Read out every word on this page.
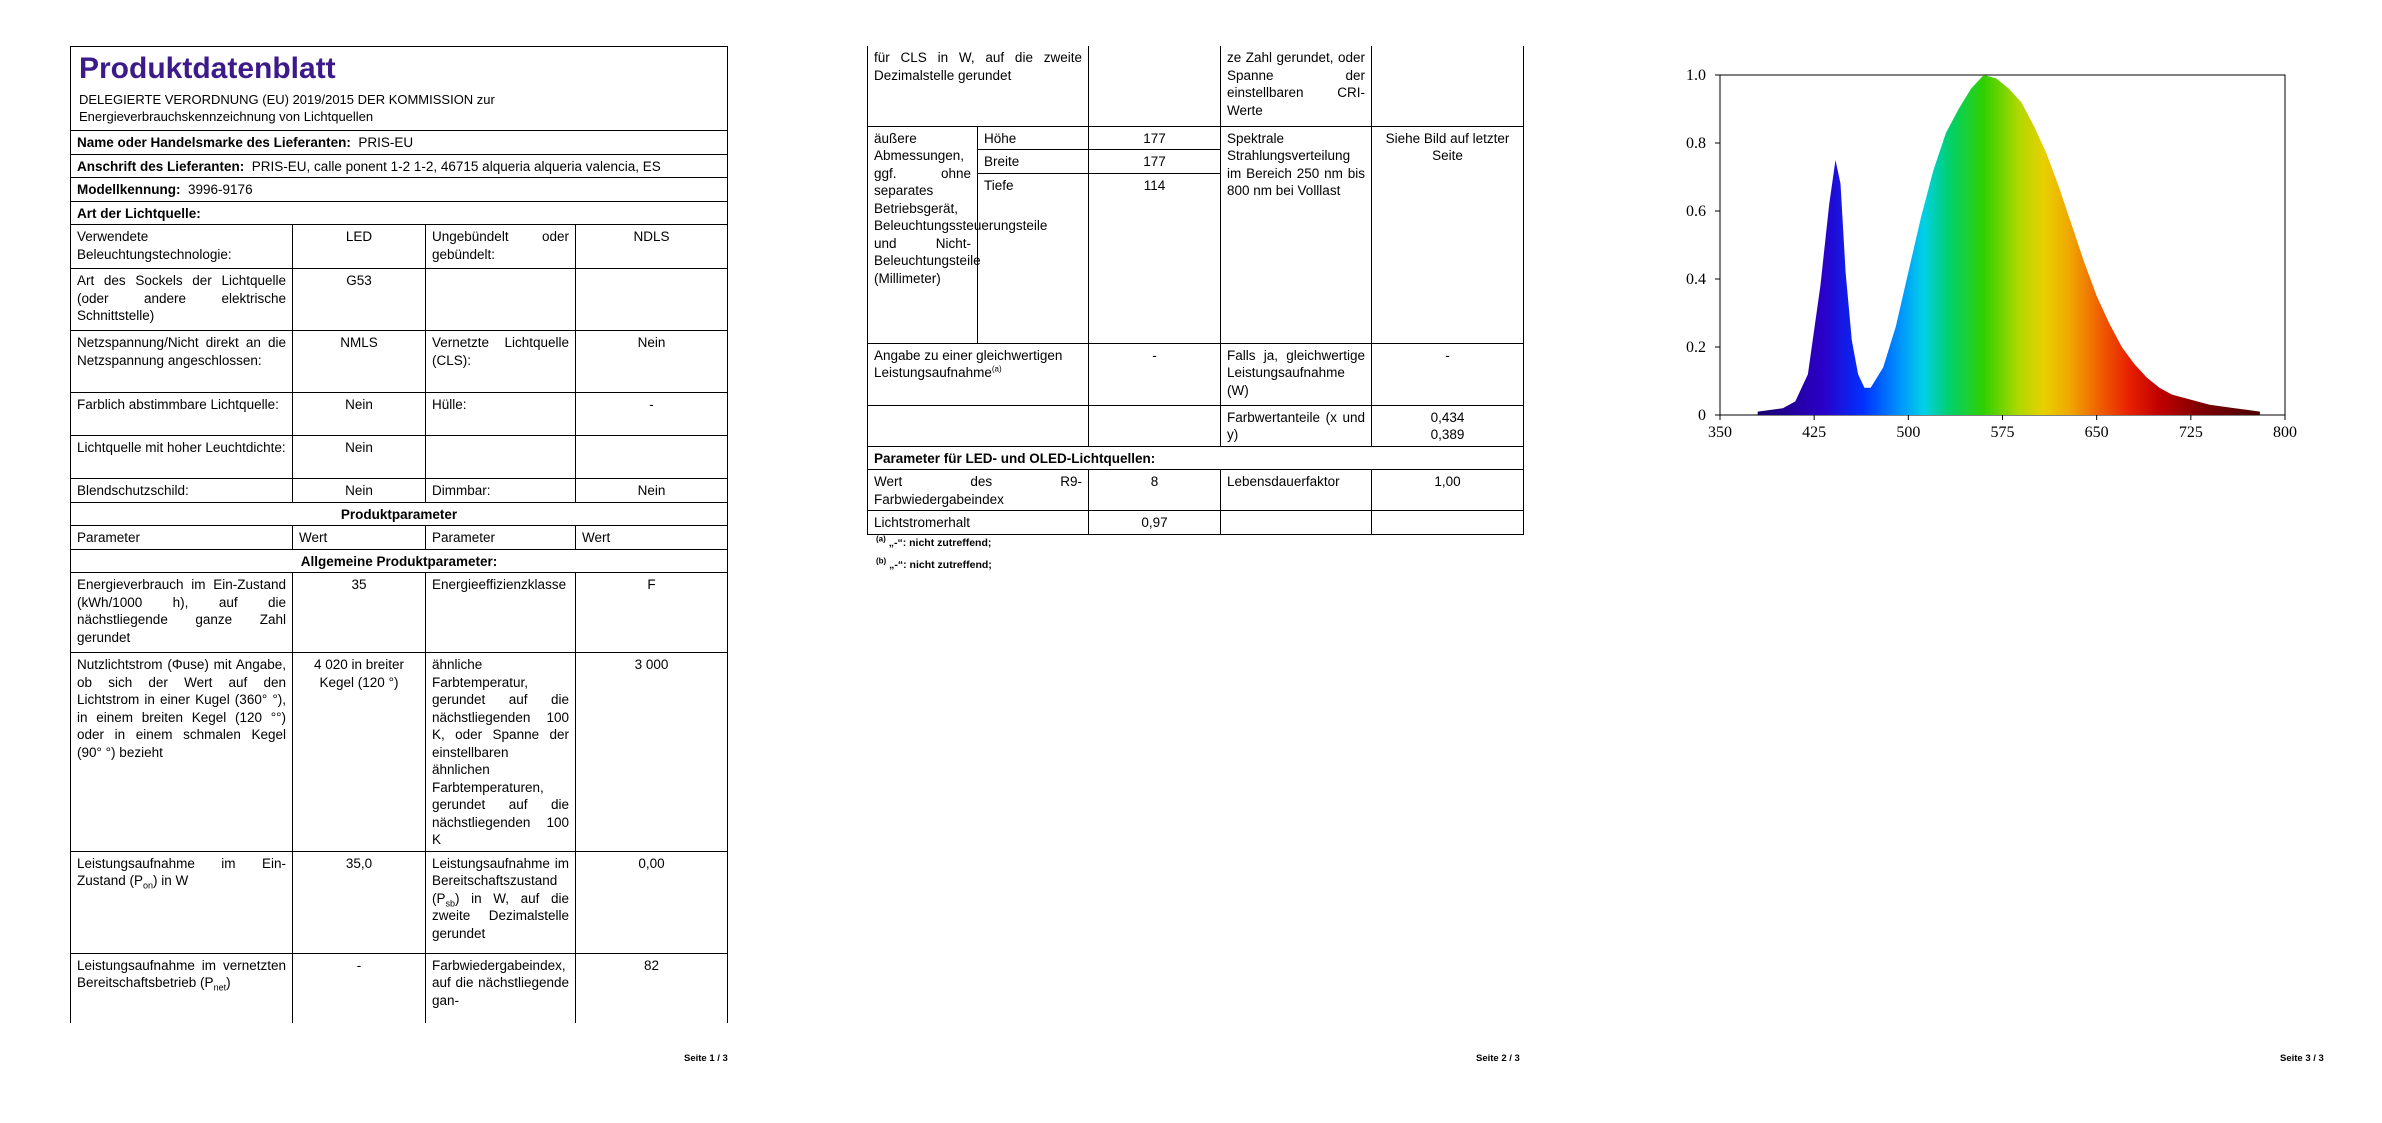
Produktdatenblatt
DELEGIERTE VERORDNUNG (EU) 2019/2015 DER KOMMISSION zur Energieverbrauchskennzeichnung von Lichtquellen			

Name oder Handelsmarke des Lieferanten: PRIS-EU			
Anschrift des Lieferanten: PRIS-EU, calle ponent 1-2 1-2, 46715 alqueria alqueria valencia, ES			
Modellkennung: 3996-9176			
Art der Lichtquelle:			
Verwendete Beleuchtungstechnologie:	LED	Ungebündelt oder gebündelt:	NDLS
Art des Sockels der Lichtquelle (oder andere elektrische Schnittstelle)	G53		
Netzspannung/Nicht direkt an die Netzspannung angeschlossen:	NMLS	Vernetzte Lichtquelle (CLS):	Nein
Farblich abstimmbare Lichtquelle:	Nein	Hülle:	-
Lichtquelle mit hoher Leuchtdichte:	Nein		
Blendschutzschild:	Nein	Dimmbar:	Nein
Produktparameter			
Parameter	Wert	Parameter	Wert
Allgemeine Produktparameter:			
Energieverbrauch im Ein-Zustand (kWh/1000 h), auf die nächstliegende ganze Zahl gerundet	35	Energieeffizienzklasse	F
Nutzlichtstrom (Φuse) mit Angabe, ob sich der Wert auf den Lichtstrom in einer Kugel (360° °), in einem breiten Kegel (120 °°) oder in einem schmalen Kegel (90° °) bezieht	4 020 in breiter Kegel (120 °)	ähnliche Farbtemperatur, gerundet auf die nächstliegenden 100 K, oder Spanne der einstellbaren ähnlichen Farbtemperaturen, gerundet auf die nächstliegenden 100 K	3 000
Leistungsaufnahme im Ein-Zustand $(P_{on})$ in W	35,0	Leistungsaufnahme im Bereitschaftszustand $(P_{sb})$ in W, auf die zweite Dezimalstelle gerundet	0,00
Leistungsaufnahme im vernetzten Bereitschaftsbetrieb $(P_{net})$	-	Farbwiedergabeindex, auf die nächstliegende gan-	82
Seite 1 / 3
für CLS in W, auf die zweite Dezimalstelle gerundet			ze Zahl gerundet, oder Spanne der einstellbaren CRI-Werte	
äußere Abmessungen, ggf. ohne separates Betriebsgerät, Beleuchtungssteuerungsteile und Nicht-Beleuchtungsteile (Millimeter)	Höhe	177	Spektrale Strahlungsverteilung im Bereich 250 nm bis 800 nm bei Volllast	Siehe Bild auf letzter Seite
	Breite	177		
	Tiefe	114		
Angabe zu einer gleichwertigen Leistungsaufnahme$^{(a)}$		-	Falls ja, gleichwertige Leistungsaufnahme (W)	-
			Farbwertanteile (x und y)	0,434
0,389

Parameter für LED- und OLED-Lichtquellen:				
Wert des R9-Farbwiedergabeindex		8	Lebensdauerfaktor	1,00
Lichtstromerhalt		0,97		
$^{(a)}$ „-“: nicht zutreffend;
$^{(b)}$ „-“: nicht zutreffend;
Seite 2 / 3
350	425	500	575	650	725	800
0
0.2
0.4
0.6
0.8
1.0
Seite 3 / 3
